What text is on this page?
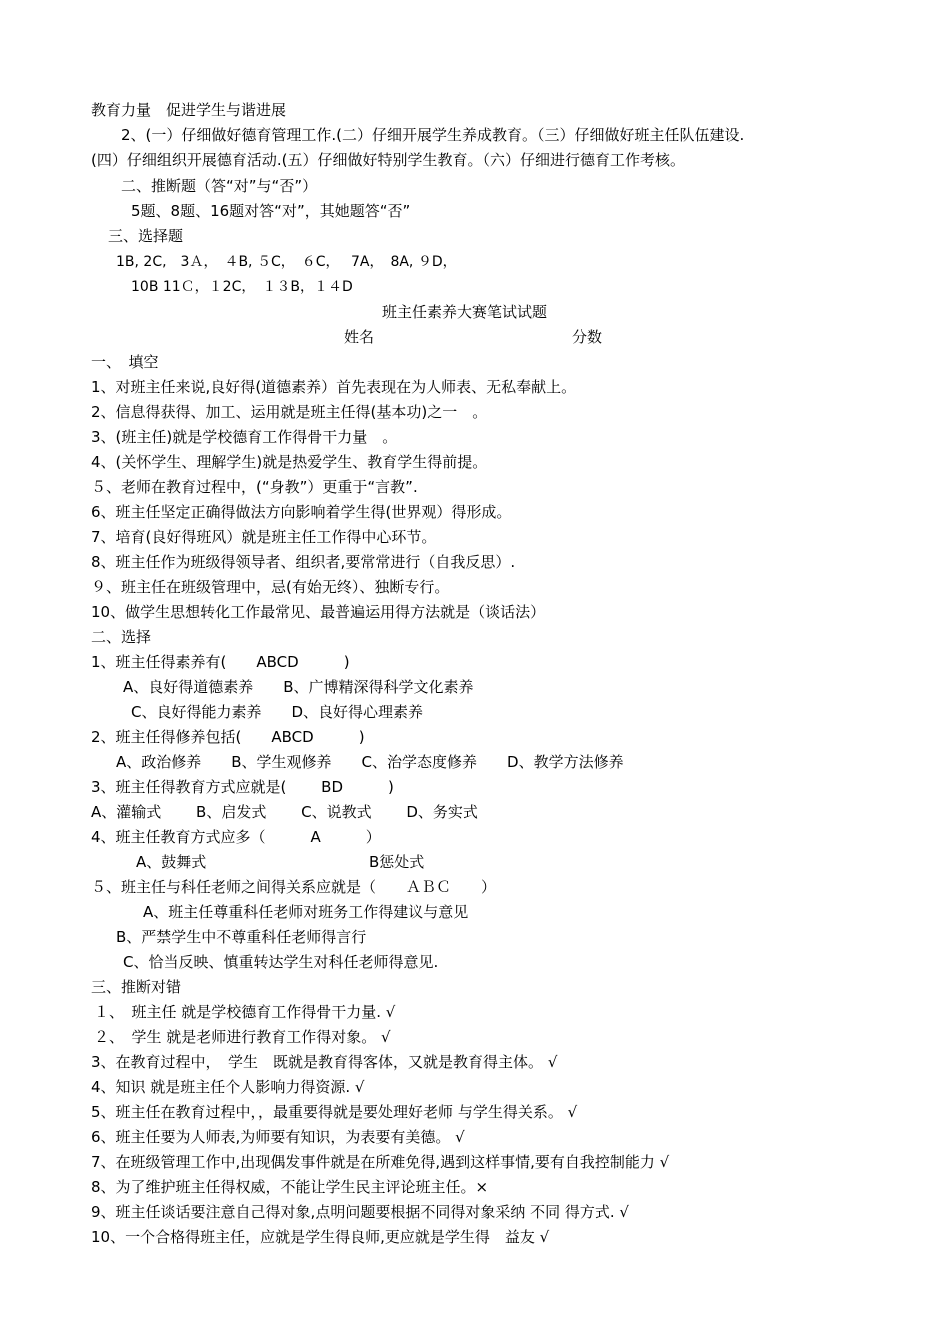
教育力量　促进学生与谐进展
2、(一）仔细做好德育管理工作.(二）仔细开展学生养成教育。（三）仔细做好班主任队伍建设.
(四）仔细组织开展德育活动.(五）仔细做好特别学生教育。（六）仔细进行德育工作考核。
二、推断题（答“对”与“否”）
5题、8题、16题对答“对”，其她题答“否”
三、选择题
1B, 2C,　3Ａ，　４B, ５C，　６C，　 7A，　8A, ９D，
10B 11Ｃ，１2C，　１３B，１４D
班主任素养大赛笔试试题
姓名	分数
一、　填空
1、对班主任来说,良好得(道德素养）首先表现在为人师表、无私奉献上。
2、信息得获得、加工、运用就是班主任得(基本功)之一　。
3、(班主任)就是学校德育工作得骨干力量　。
4、(关怀学生、理解学生)就是热爱学生、教育学生得前提。
５、老师在教育过程中，(“身教”）更重于“言教”.
6、班主任坚定正确得做法方向影响着学生得(世界观）得形成。
7、培育(良好得班风）就是班主任工作得中心环节。
8、班主任作为班级得领导者、组织者,要常常进行（自我反思）.
９、班主任在班级管理中，忌(有始无终）、独断专行。
10、做学生思想转化工作最常见、最普遍运用得方法就是（谈话法）
二、选择
1、班主任得素养有(　　ABCD　　　)
A、良好得道德素养　　B、广博精深得科学文化素养
C、良好得能力素养　　D、良好得心理素养
2、班主任得修养包括(　　ABCD　　　)
A、政治修养　　B、学生观修养　　C、治学态度修养　　D、教学方法修养
3、班主任得教育方式应就是(　　 BD　　　)
A、灌输式　　 B、启发式　　 C、说教式　　 D、务实式
4、班主任教育方式应多（　　　A　　　）
A、鼓舞式	B惩处式
５、班主任与科任老师之间得关系应就是（　　ＡＢＣ　　）
A、班主任尊重科任老师对班务工作得建议与意见
B、严禁学生中不尊重科任老师得言行
C、恰当反映、慎重转达学生对科任老师得意见.
三、推断对错
１、　班主任 就是学校德育工作得骨干力量. √
２、　学生 就是老师进行教育工作得对象。 √
3、在教育过程中，　学生　既就是教育得客体，又就是教育得主体。 √
4、知识 就是班主任个人影响力得资源. √
5、班主任在教育过程中，，最重要得就是要处理好老师 与学生得关系。 √
6、班主任要为人师表,为师要有知识，为表要有美德。 √
7、在班级管理工作中,出现偶发事件就是在所难免得,遇到这样事情,要有自我控制能力 √
8、为了维护班主任得权威，不能让学生民主评论班主任。×
9、班主任谈话要注意自己得对象,点明问题要根据不同得对象采纳 不同 得方式. √
10、一个合格得班主任，应就是学生得良师,更应就是学生得　益友 √
